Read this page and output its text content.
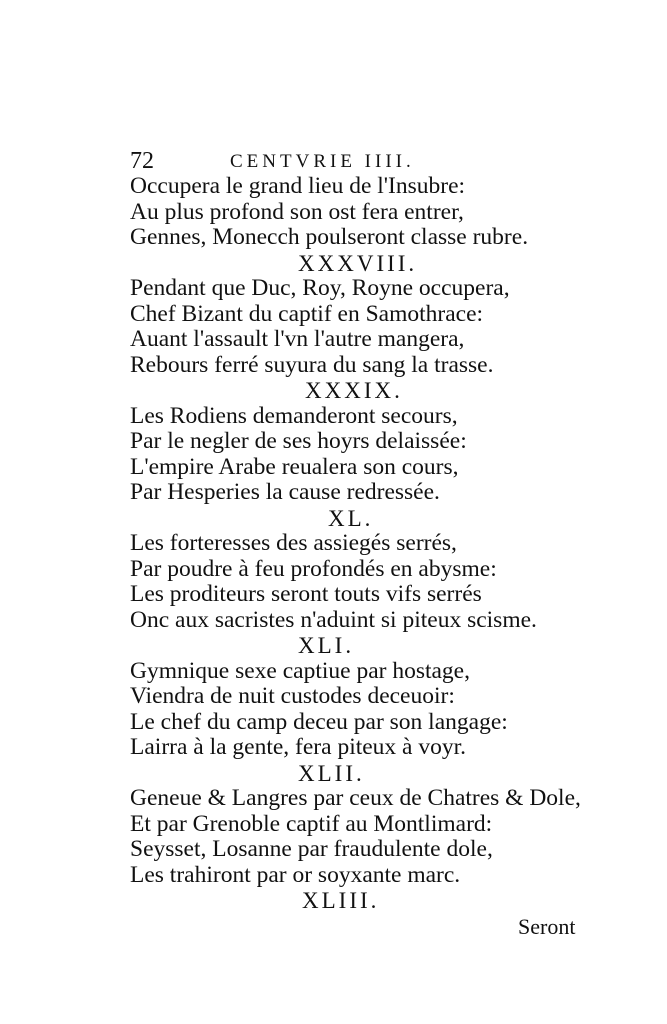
72	CENTVRIE IIII.
Occupera le grand lieu de l'Insubre:
Au plus profond son ost fera entrer,
Gennes, Monecch poulseront classe rubre.
XXXVIII.
Pendant que Duc, Roy, Royne occupera,
Chef Bizant du captif en Samothrace:
Auant l'assault l'vn l'autre mangera,
Rebours ferré suyura du sang la trasse.
XXXIX.
Les Rodiens demanderont secours,
Par le negler de ses hoyrs delaissée:
L'empire Arabe reualera son cours,
Par Hesperies la cause redressée.
XL.
Les forteresses des assiegés serrés,
Par poudre à feu profondés en abysme:
Les proditeurs seront touts vifs serrés
Onc aux sacristes n'aduint si piteux scisme.
XLI.
Gymnique sexe captiue par hostage,
Viendra de nuit custodes deceuoir:
Le chef du camp deceu par son langage:
Lairra à la gente, fera piteux à voyr.
XLII.
Geneue & Langres par ceux de Chatres & Dole,
Et par Grenoble captif au Montlimard:
Seysset, Losanne par fraudulente dole,
Les trahiront par or soyxante marc.
XLIII.
Seront
